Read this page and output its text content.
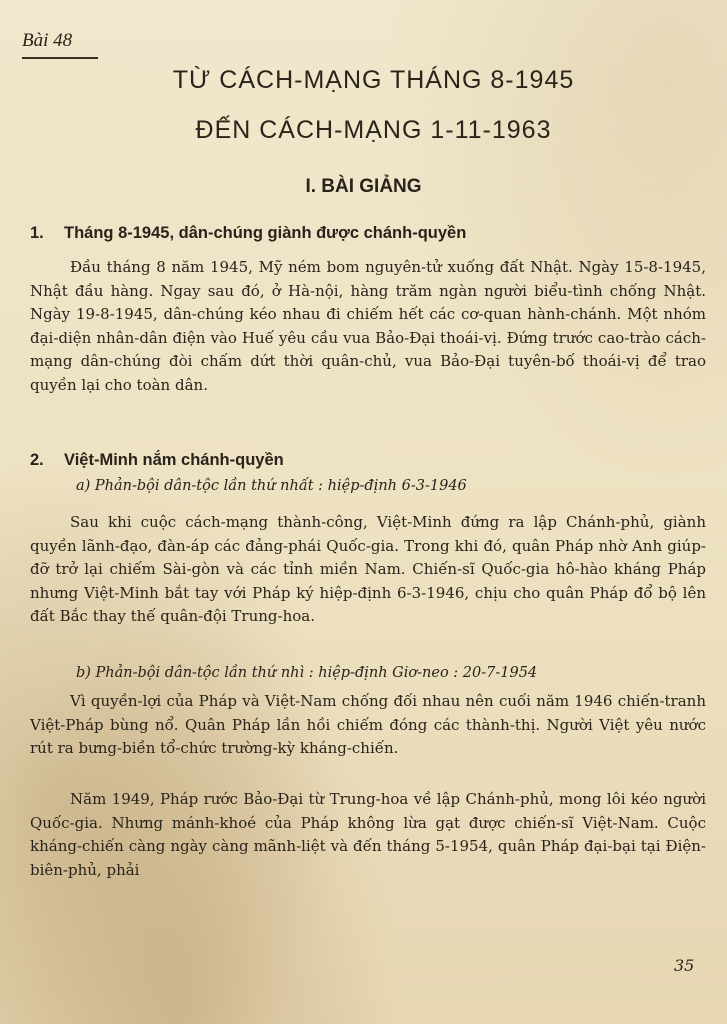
Bài 48
TỪ CÁCH-MẠNG THÁNG 8-1945
ĐẾN CÁCH-MẠNG 1-11-1963
I. BÀI GIẢNG
1. Tháng 8-1945, dân-chúng giành được chánh-quyền
Đầu tháng 8 năm 1945, Mỹ ném bom nguyên-tử xuống đất Nhật. Ngày 15-8-1945, Nhật đầu hàng. Ngay sau đó, ở Hà-nội, hàng trăm ngàn người biểu-tình chống Nhật. Ngày 19-8-1945, dân-chúng kéo nhau đi chiếm hết các cơ-quan hành-chánh. Một nhóm đại-diện nhân-dân điện vào Huế yêu cầu vua Bảo-Đại thoái-vị. Đứng trước cao-trào cách-mạng dân-chúng đòi chấm dứt thời quân-chủ, vua Bảo-Đại tuyên-bố thoái-vị để trao quyền lại cho toàn dân.
2. Việt-Minh nắm chánh-quyền
a) Phản-bội dân-tộc lần thứ nhất : hiệp-định 6-3-1946
Sau khi cuộc cách-mạng thành-công, Việt-Minh đứng ra lập Chánh-phủ, giành quyền lãnh-đạo, đàn-áp các đảng-phái Quốc-gia. Trong khi đó, quân Pháp nhờ Anh giúp-đỡ trở lại chiếm Sài-gòn và các tỉnh miền Nam. Chiến-sĩ Quốc-gia hô-hào kháng Pháp nhưng Việt-Minh bắt tay với Pháp ký hiệp-định 6-3-1946, chịu cho quân Pháp đổ bộ lên đất Bắc thay thế quân-đội Trung-hoa.
b) Phản-bội dân-tộc lần thứ nhì : hiệp-định Giơ-neo : 20-7-1954
Vì quyền-lợi của Pháp và Việt-Nam chống đối nhau nên cuối năm 1946 chiến-tranh Việt-Pháp bùng nổ. Quân Pháp lần hồi chiếm đóng các thành-thị. Người Việt yêu nước rút ra bưng-biền tổ-chức trường-kỳ kháng-chiến.
Năm 1949, Pháp rước Bảo-Đại từ Trung-hoa về lập Chánh-phủ, mong lôi kéo người Quốc-gia. Nhưng mánh-khoé của Pháp không lừa gạt được chiến-sĩ Việt-Nam. Cuộc kháng-chiến càng ngày càng mãnh-liệt và đến tháng 5-1954, quân Pháp đại-bại tại Điện-biên-phủ, phải
35
